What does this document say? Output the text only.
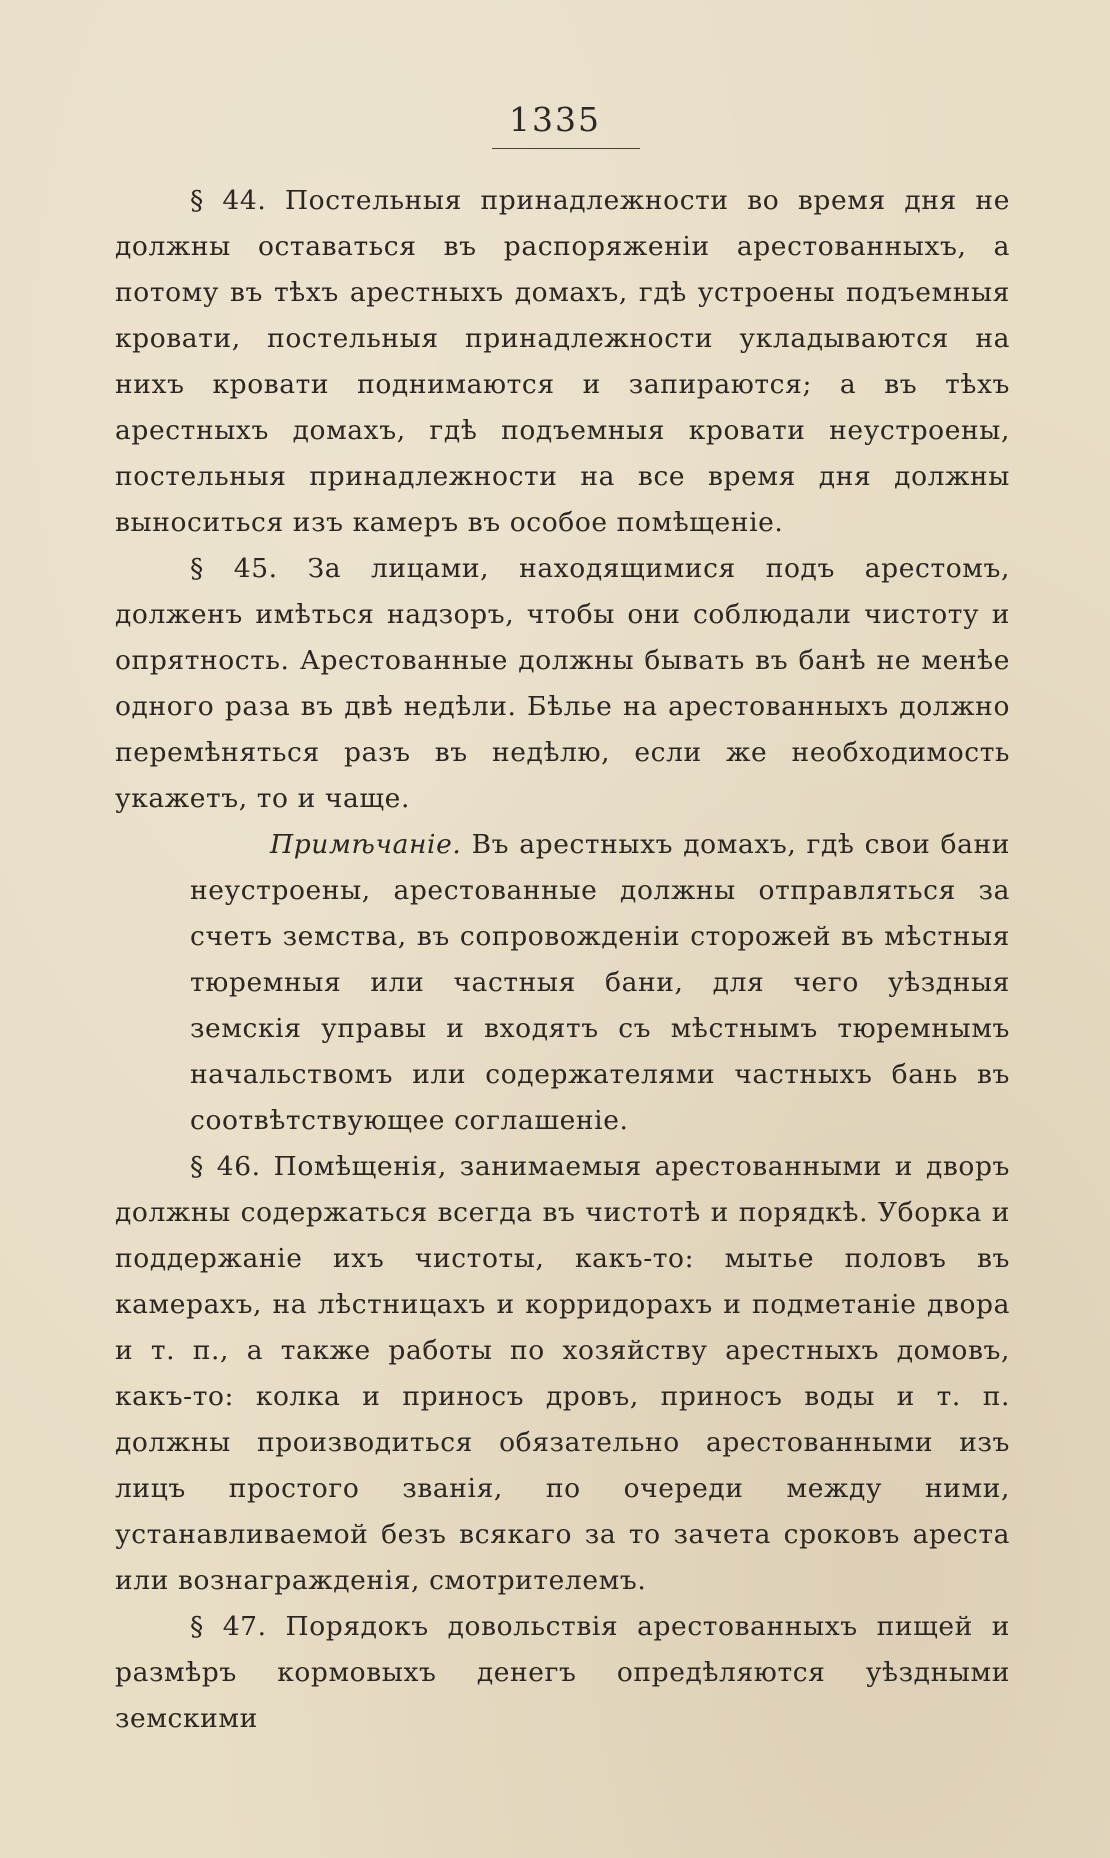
1335

§ 44. Постельныя принадлежности во время дня не должны оставаться въ распоряженіи арестованныхъ, а потому въ тѣхъ арестныхъ домахъ, гдѣ устроены подъемныя кровати, постельныя принадлежности укладываются на нихъ кровати поднимаются и запираются; а въ тѣхъ арестныхъ домахъ, гдѣ подъемныя кровати неустроены, постельныя принадлежности на все время дня должны выноситься изъ камеръ въ особое помѣщеніе.

§ 45. За лицами, находящимися подъ арестомъ, долженъ имѣться надзоръ, чтобы они соблюдали чистоту и опрятность. Арестованные должны бывать въ банѣ не менѣе одного раза въ двѣ недѣли. Бѣлье на арестованныхъ должно перемѣняться разъ въ недѣлю, если же необходимость укажетъ, то и чаще.

Примѣчаніе. Въ арестныхъ домахъ, гдѣ свои бани неустроены, арестованные должны отправляться за счетъ земства, въ сопровожденіи сторожей въ мѣстныя тюремныя или частныя бани, для чего уѣздныя земскія управы и входятъ съ мѣстнымъ тюремнымъ начальствомъ или содержателями частныхъ бань въ соотвѣтствующее соглашеніе.

§ 46. Помѣщенія, занимаемыя арестованными и дворъ должны содержаться всегда въ чистотѣ и порядкѣ. Уборка и поддержаніе ихъ чистоты, какъ-то: мытье половъ въ камерахъ, на лѣстницахъ и корридорахъ и подметаніе двора и т. п., а также работы по хозяйству арестныхъ домовъ, какъ-то: колка и приносъ дровъ, приносъ воды и т. п. должны производиться обязательно арестованными изъ лицъ простого званія, по очереди между ними, устанавливаемой безъ всякаго за то зачета сроковъ ареста или вознагражденія, смотрителемъ.

§ 47. Порядокъ довольствія арестованныхъ пищей и размѣръ кормовыхъ денегъ опредѣляются уѣздными земскими
